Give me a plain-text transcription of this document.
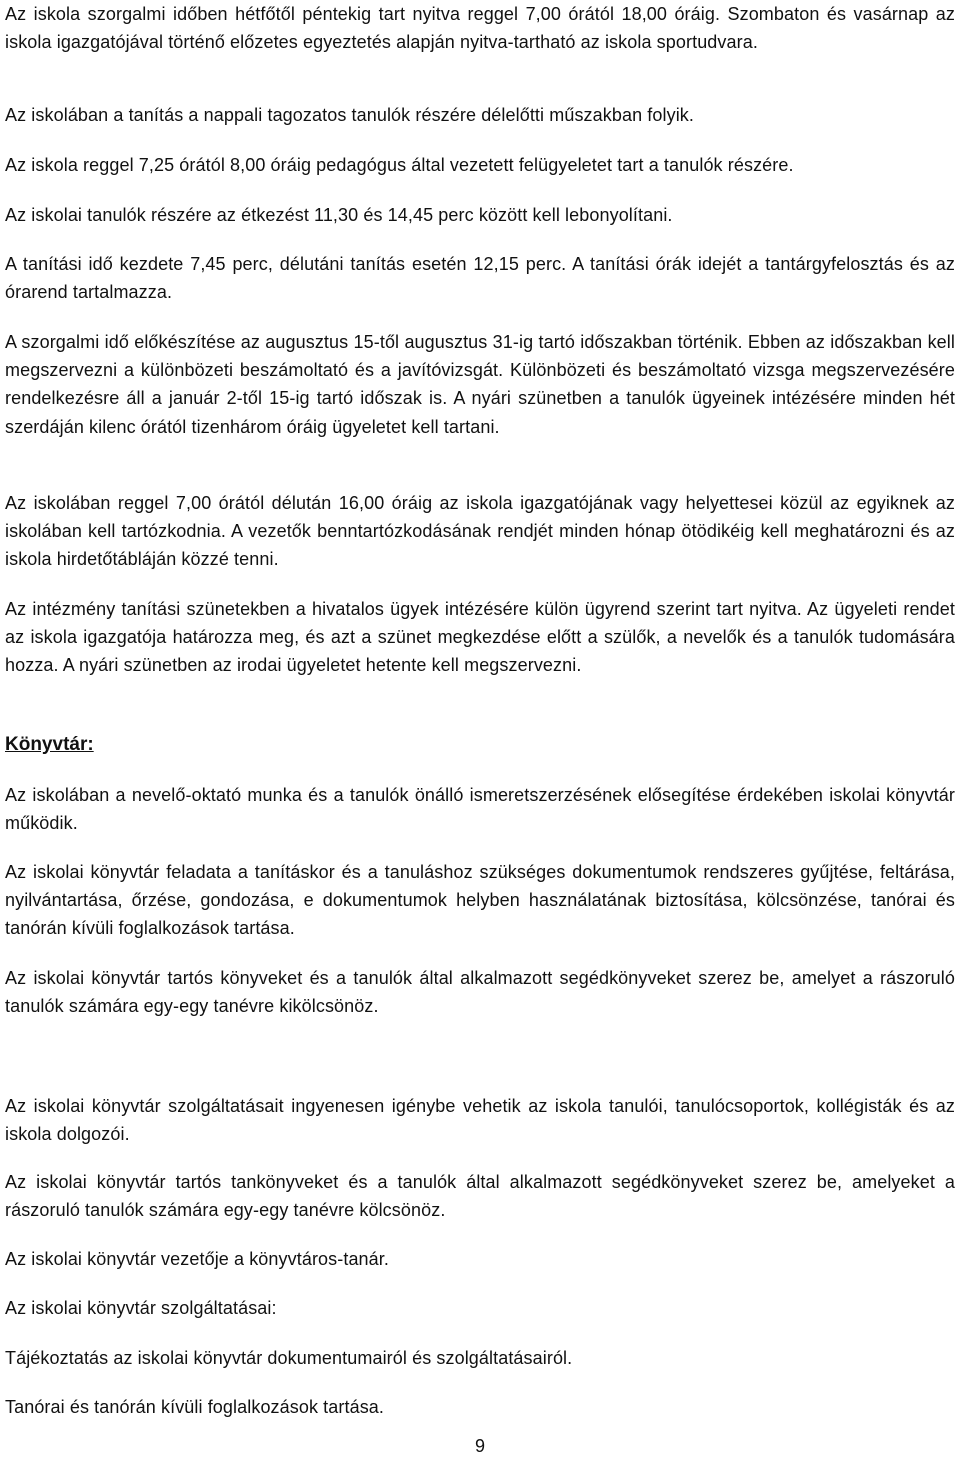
Az iskola szorgalmi időben hétfőtől péntekig tart nyitva reggel 7,00 órától 18,00 óráig. Szombaton és vasárnap az iskola igazgatójával történő előzetes egyeztetés alapján nyitva-tartható az iskola sportudvara.

Az iskolában a tanítás a nappali tagozatos tanulók részére délelőtti műszakban folyik.

Az iskola reggel 7,25 órától 8,00 óráig pedagógus által vezetett felügyeletet tart a tanulók részére.

Az iskolai tanulók részére az étkezést 11,30 és 14,45 perc között kell lebonyolítani.

A tanítási idő kezdete 7,45 perc, délutáni tanítás esetén 12,15 perc. A tanítási órák idejét a tantárgyfelosztás és az órarend tartalmazza.

A szorgalmi idő előkészítése az augusztus 15-től augusztus 31-ig tartó időszakban történik. Ebben az időszakban kell megszervezni a különbözeti beszámoltató és a javítóvizsgát. Különbözeti és beszámoltató vizsga megszervezésére rendelkezésre áll a január 2-től 15-ig tartó időszak is. A nyári szünetben a tanulók ügyeinek intézésére minden hét szerdáján kilenc órától tizenhárom óráig ügyeletet kell tartani.

Az iskolában reggel 7,00 órától délután 16,00 óráig az iskola igazgatójának vagy helyettesei közül az egyiknek az iskolában kell tartózkodnia. A vezetők benntartózkodásának rendjét minden hónap ötödikéig kell meghatározni és az iskola hirdetőtábláján közzé tenni.

Az intézmény tanítási szünetekben a hivatalos ügyek intézésére külön ügyrend szerint tart nyitva. Az ügyeleti rendet az iskola igazgatója határozza meg, és azt a szünet megkezdése előtt a szülők, a nevelők és a tanulók tudomására hozza. A nyári szünetben az irodai ügyeletet hetente kell megszervezni.

Könyvtár:

Az iskolában a nevelő-oktató munka és a tanulók önálló ismeretszerzésének elősegítése érdekében iskolai könyvtár működik.

Az iskolai könyvtár feladata a tanításkor és a tanuláshoz szükséges dokumentumok rendszeres gyűjtése, feltárása, nyilvántartása, őrzése, gondozása, e dokumentumok helyben használatának biztosítása, kölcsönzése, tanórai és tanórán kívüli foglalkozások tartása.

Az iskolai könyvtár tartós könyveket és a tanulók által alkalmazott segédkönyveket szerez be, amelyet a rászoruló tanulók számára egy-egy tanévre kikölcsönöz.

Az iskolai könyvtár szolgáltatásait ingyenesen igénybe vehetik az iskola tanulói, tanulócsoportok, kollégisták és az iskola dolgozói.

Az iskolai könyvtár tartós tankönyveket és a tanulók által alkalmazott segédkönyveket szerez be, amelyeket a rászoruló tanulók számára egy-egy tanévre kölcsönöz.

Az iskolai könyvtár vezetője a könyvtáros-tanár.

Az iskolai könyvtár szolgáltatásai:

Tájékoztatás az iskolai könyvtár dokumentumairól és szolgáltatásairól.

Tanórai és tanórán kívüli foglalkozások tartása.

9
